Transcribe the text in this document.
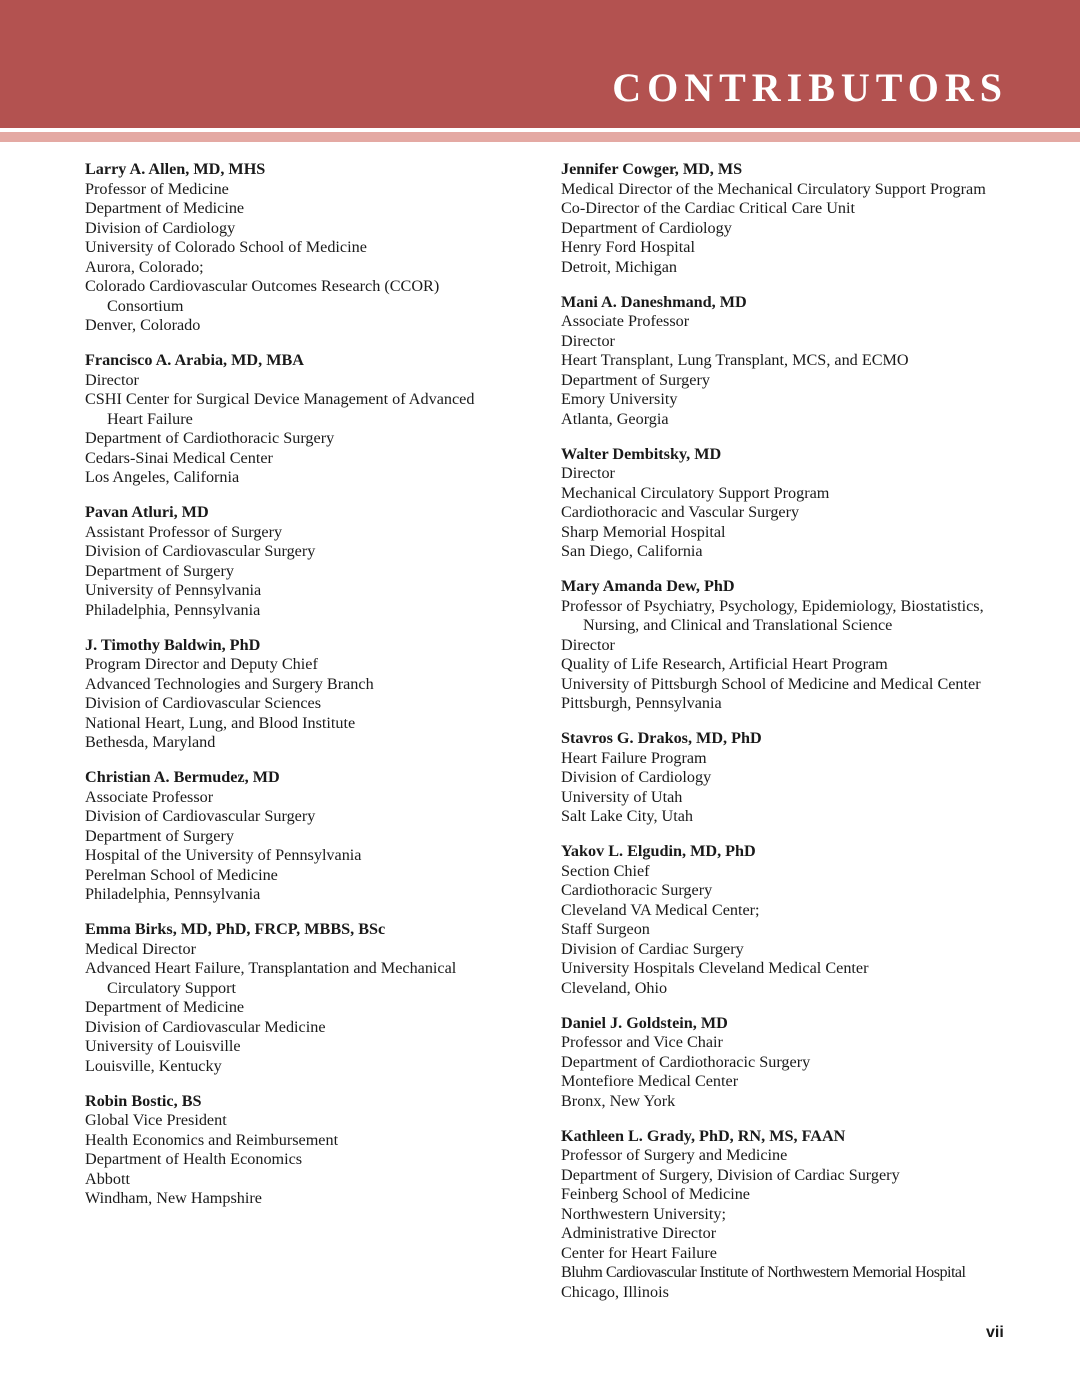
CONTRIBUTORS
Larry A. Allen, MD, MHS
Professor of Medicine
Department of Medicine
Division of Cardiology
University of Colorado School of Medicine
Aurora, Colorado;
Colorado Cardiovascular Outcomes Research (CCOR)
Consortium
Denver, Colorado
Francisco A. Arabia, MD, MBA
Director
CSHI Center for Surgical Device Management of Advanced
Heart Failure
Department of Cardiothoracic Surgery
Cedars-Sinai Medical Center
Los Angeles, California
Pavan Atluri, MD
Assistant Professor of Surgery
Division of Cardiovascular Surgery
Department of Surgery
University of Pennsylvania
Philadelphia, Pennsylvania
J. Timothy Baldwin, PhD
Program Director and Deputy Chief
Advanced Technologies and Surgery Branch
Division of Cardiovascular Sciences
National Heart, Lung, and Blood Institute
Bethesda, Maryland
Christian A. Bermudez, MD
Associate Professor
Division of Cardiovascular Surgery
Department of Surgery
Hospital of the University of Pennsylvania
Perelman School of Medicine
Philadelphia, Pennsylvania
Emma Birks, MD, PhD, FRCP, MBBS, BSc
Medical Director
Advanced Heart Failure, Transplantation and Mechanical
Circulatory Support
Department of Medicine
Division of Cardiovascular Medicine
University of Louisville
Louisville, Kentucky
Robin Bostic, BS
Global Vice President
Health Economics and Reimbursement
Department of Health Economics
Abbott
Windham, New Hampshire
Jennifer Cowger, MD, MS
Medical Director of the Mechanical Circulatory Support Program
Co-Director of the Cardiac Critical Care Unit
Department of Cardiology
Henry Ford Hospital
Detroit, Michigan
Mani A. Daneshmand, MD
Associate Professor
Director
Heart Transplant, Lung Transplant, MCS, and ECMO
Department of Surgery
Emory University
Atlanta, Georgia
Walter Dembitsky, MD
Director
Mechanical Circulatory Support Program
Cardiothoracic and Vascular Surgery
Sharp Memorial Hospital
San Diego, California
Mary Amanda Dew, PhD
Professor of Psychiatry, Psychology, Epidemiology, Biostatistics,
Nursing, and Clinical and Translational Science
Director
Quality of Life Research, Artificial Heart Program
University of Pittsburgh School of Medicine and Medical Center
Pittsburgh, Pennsylvania
Stavros G. Drakos, MD, PhD
Heart Failure Program
Division of Cardiology
University of Utah
Salt Lake City, Utah
Yakov L. Elgudin, MD, PhD
Section Chief
Cardiothoracic Surgery
Cleveland VA Medical Center;
Staff Surgeon
Division of Cardiac Surgery
University Hospitals Cleveland Medical Center
Cleveland, Ohio
Daniel J. Goldstein, MD
Professor and Vice Chair
Department of Cardiothoracic Surgery
Montefiore Medical Center
Bronx, New York
Kathleen L. Grady, PhD, RN, MS, FAAN
Professor of Surgery and Medicine
Department of Surgery, Division of Cardiac Surgery
Feinberg School of Medicine
Northwestern University;
Administrative Director
Center for Heart Failure
Bluhm Cardiovascular Institute of Northwestern Memorial Hospital
Chicago, Illinois
vii
